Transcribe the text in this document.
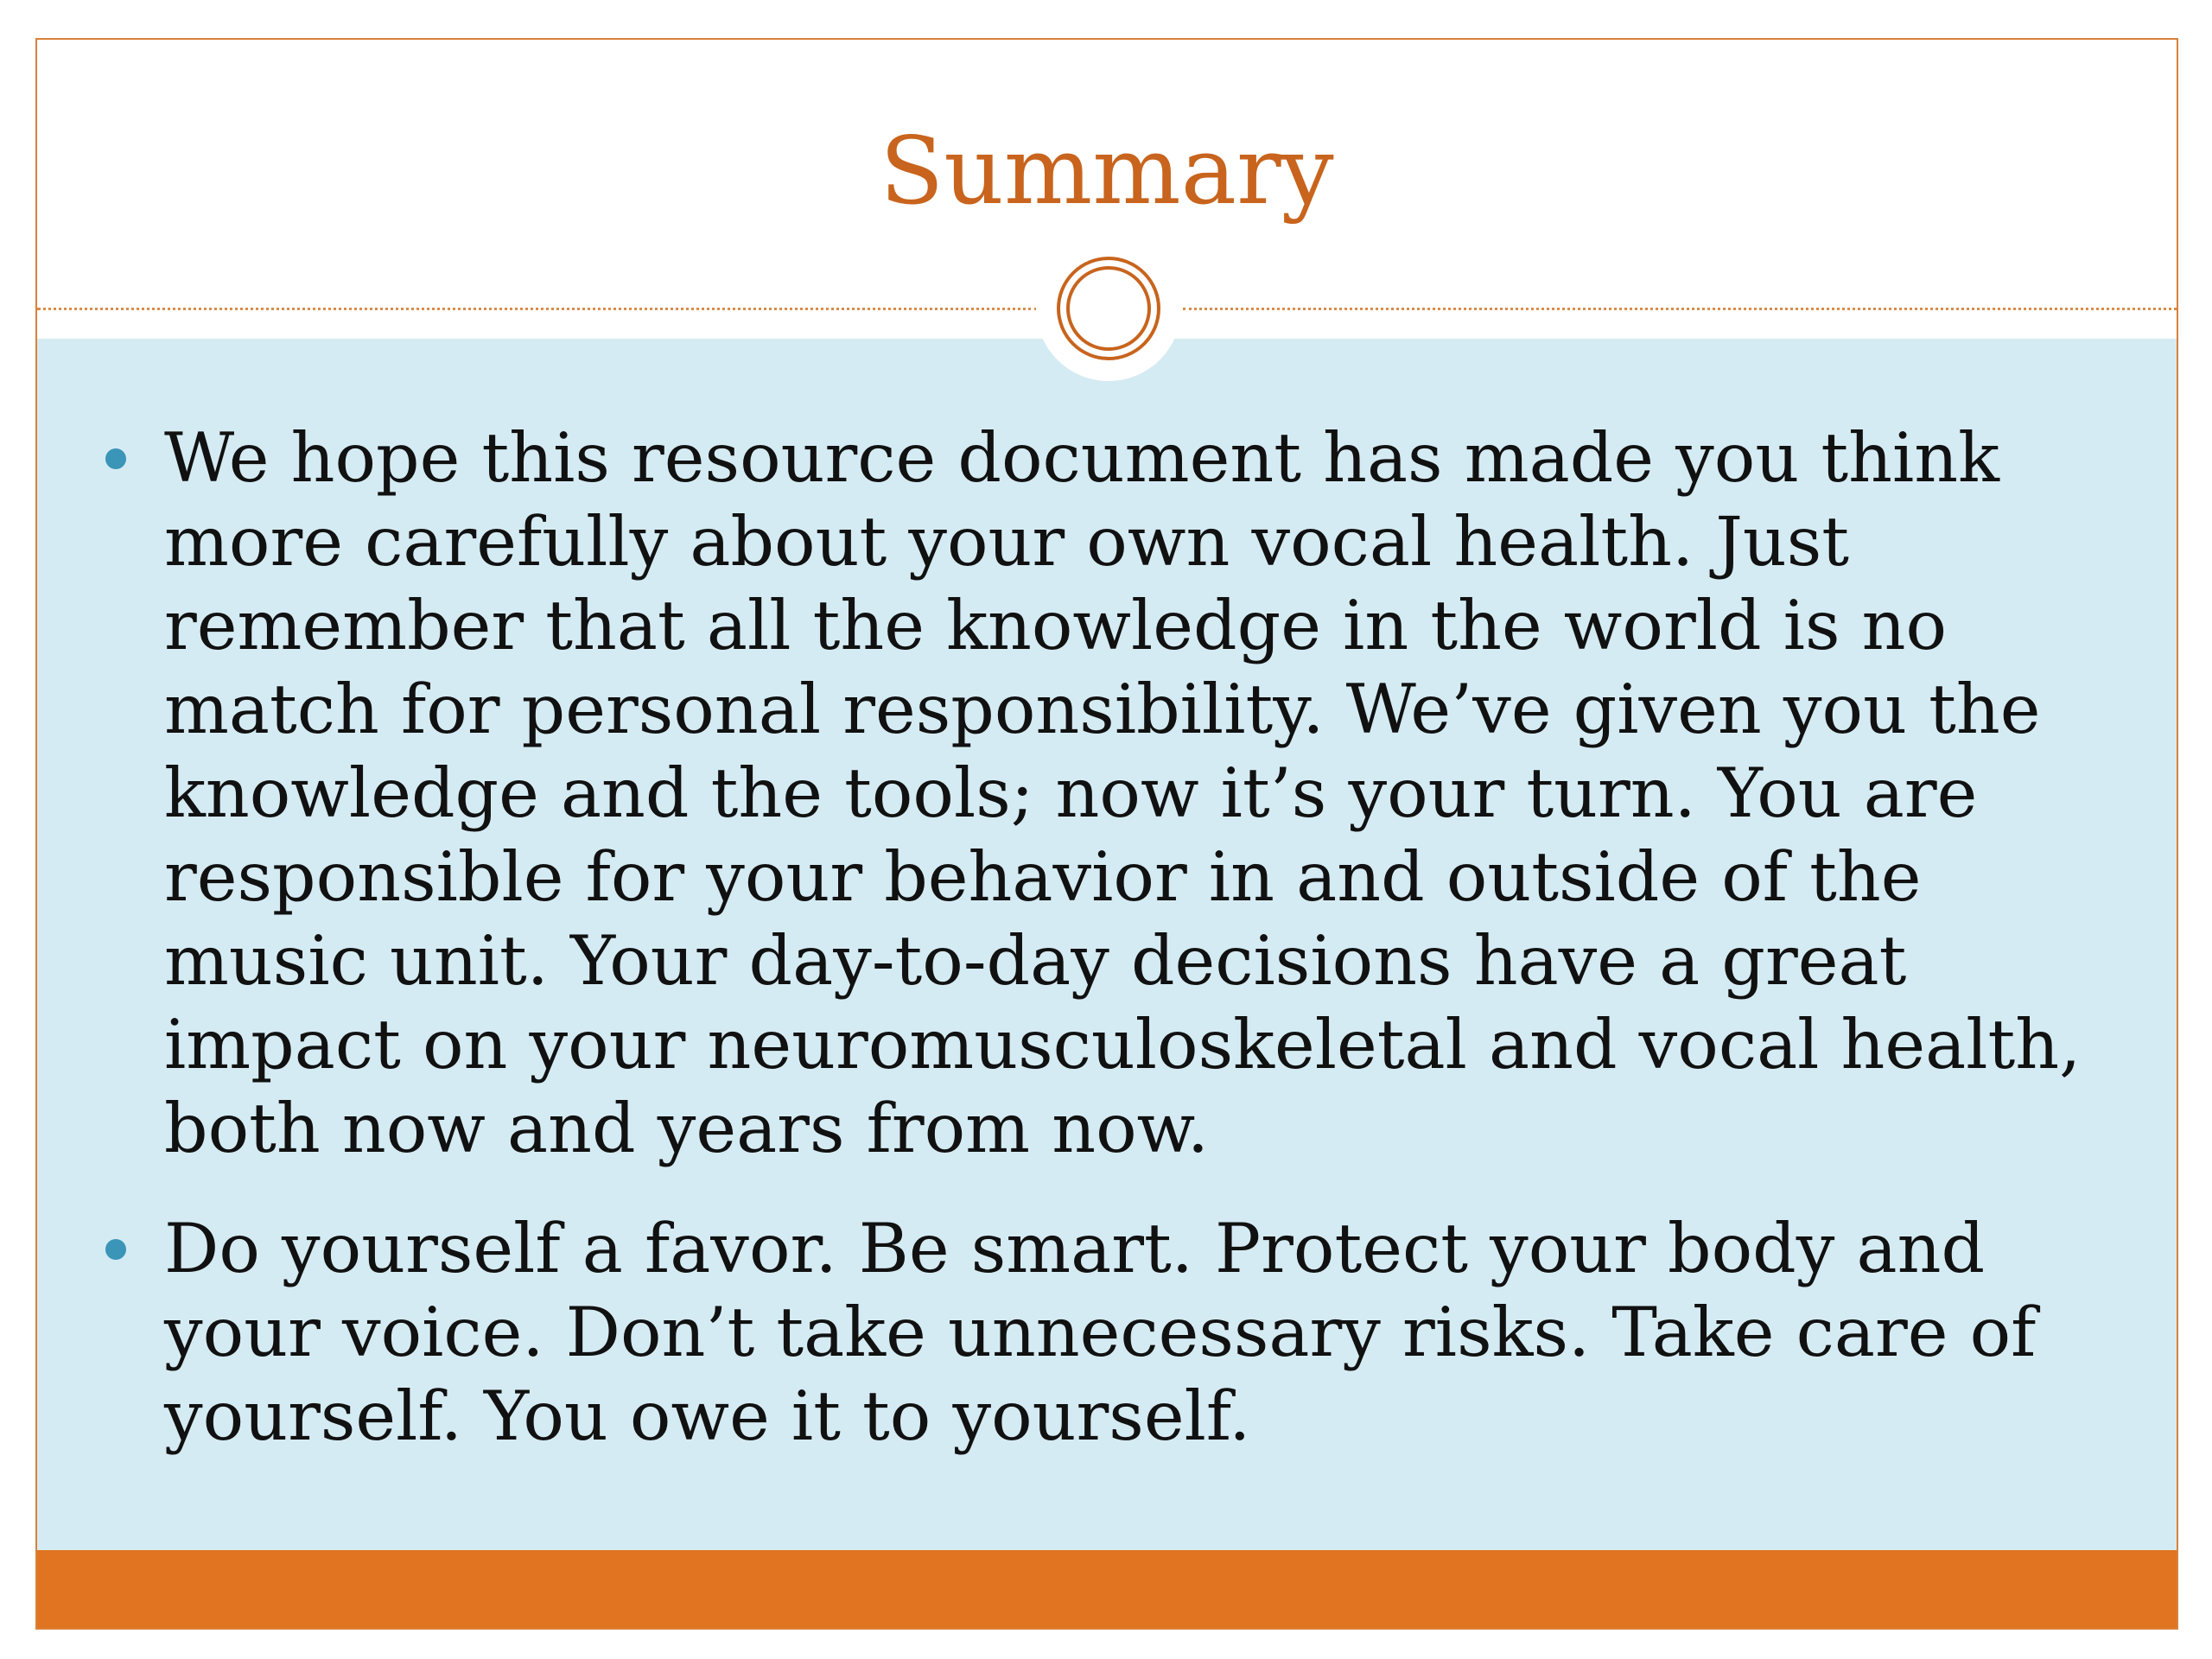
Summary
We hope this resource document has made you think more carefully about your own vocal health. Just remember that all the knowledge in the world is no match for personal responsibility. We’ve given you the knowledge and the tools; now it’s your turn. You are responsible for your behavior in and outside of the music unit. Your day-to-day decisions have a great impact on your neuromusculoskeletal and vocal health, both now and years from now.
Do yourself a favor. Be smart. Protect your body and your voice. Don’t take unnecessary risks. Take care of yourself. You owe it to yourself.
